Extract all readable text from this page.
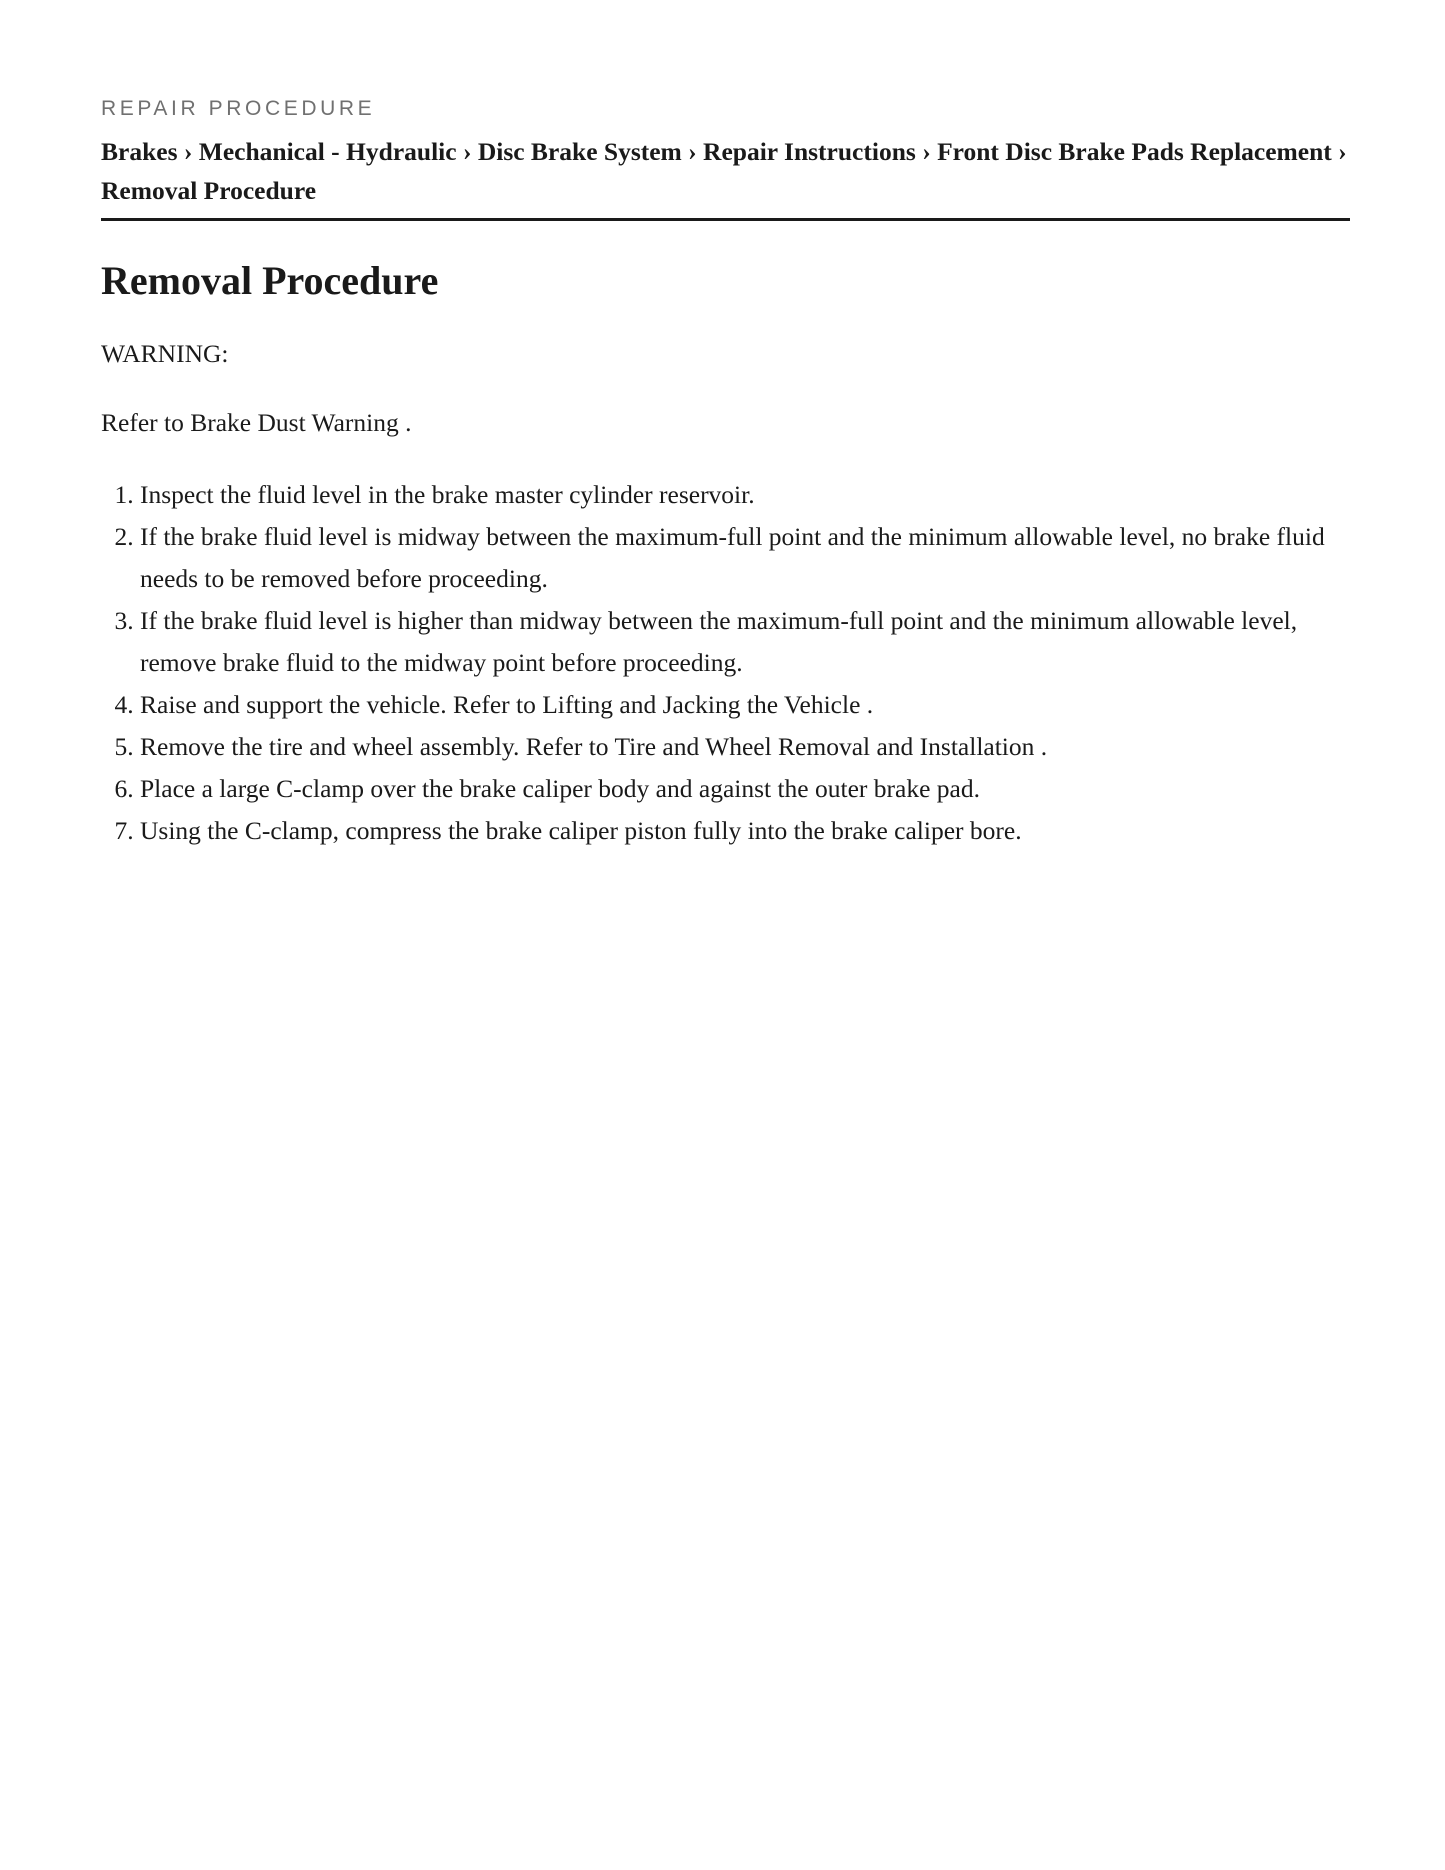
REPAIR PROCEDURE
Brakes › Mechanical - Hydraulic › Disc Brake System › Repair Instructions › Front Disc Brake Pads Replacement › Removal Procedure
Removal Procedure
WARNING:
Refer to Brake Dust Warning .
1. Inspect the fluid level in the brake master cylinder reservoir.
2. If the brake fluid level is midway between the maximum-full point and the minimum allowable level, no brake fluid needs to be removed before proceeding.
3. If the brake fluid level is higher than midway between the maximum-full point and the minimum allowable level, remove brake fluid to the midway point before proceeding.
4. Raise and support the vehicle. Refer to Lifting and Jacking the Vehicle .
5. Remove the tire and wheel assembly. Refer to Tire and Wheel Removal and Installation .
6. Place a large C-clamp over the brake caliper body and against the outer brake pad.
7. Using the C-clamp, compress the brake caliper piston fully into the brake caliper bore.
